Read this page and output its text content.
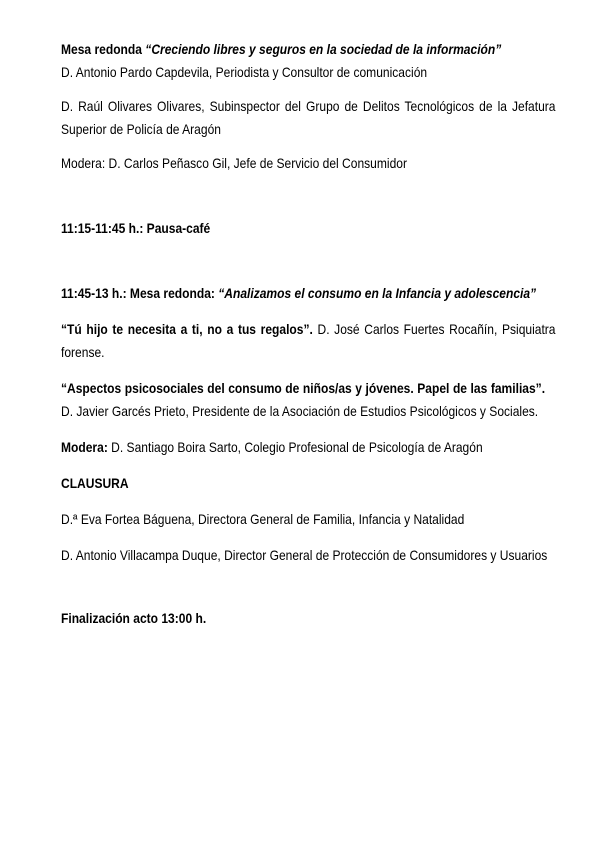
Mesa redonda “Creciendo libres y seguros en la sociedad de la información”

D. Antonio Pardo Capdevila, Periodista y Consultor de comunicación

D. Raúl Olivares Olivares, Subinspector del Grupo de Delitos Tecnológicos de la Jefatura Superior de Policía de Aragón

Modera: D. Carlos Peñasco Gil, Jefe de Servicio del Consumidor

11:15-11:45 h.: Pausa-café

11:45-13 h.: Mesa redonda: “Analizamos el consumo en la Infancia y adolescencia”

“Tú hijo te necesita a ti, no a tus regalos”. D. José Carlos Fuertes Rocañín, Psiquiatra forense.

“Aspectos psicosociales del consumo de niños/as y jóvenes. Papel de las familias”.    D. Javier Garcés Prieto, Presidente de la Asociación de Estudios Psicológicos y Sociales.

Modera: D. Santiago Boira Sarto, Colegio Profesional de Psicología de Aragón

CLAUSURA

D.ª Eva Fortea Báguena, Directora General de Familia, Infancia y Natalidad

D. Antonio Villacampa Duque, Director General de Protección de Consumidores y Usuarios

Finalización acto 13:00 h.
